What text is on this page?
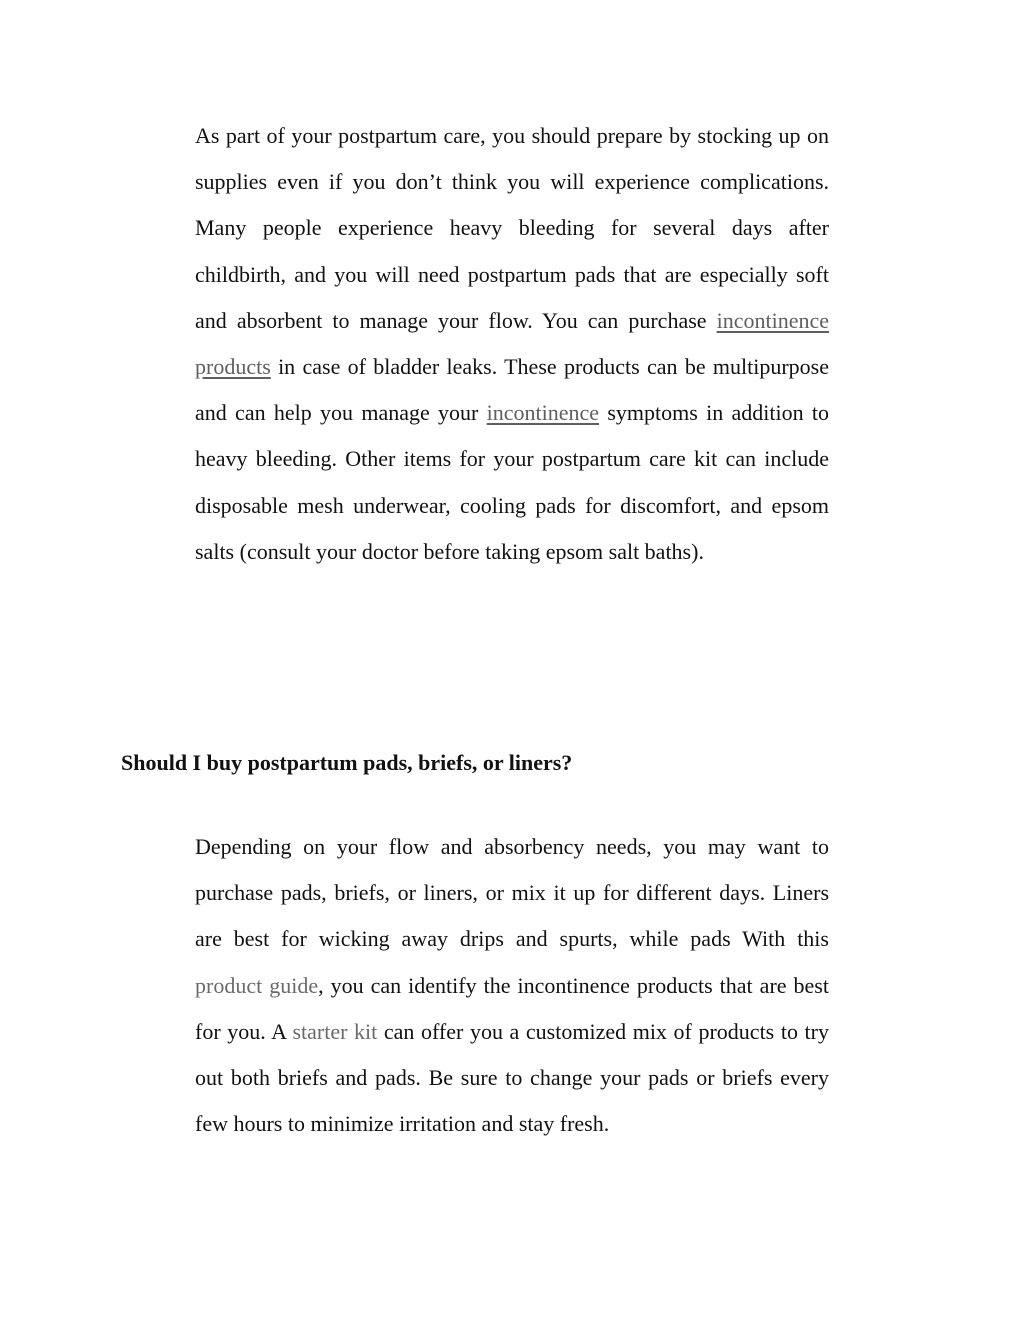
As part of your postpartum care, you should prepare by stocking up on supplies even if you don’t think you will experience complications. Many people experience heavy bleeding for several days after childbirth, and you will need postpartum pads that are especially soft and absorbent to manage your flow. You can purchase incontinence products in case of bladder leaks. These products can be multipurpose and can help you manage your incontinence symptoms in addition to heavy bleeding. Other items for your postpartum care kit can include disposable mesh underwear, cooling pads for discomfort, and epsom salts (consult your doctor before taking epsom salt baths).

Should I buy postpartum pads, briefs, or liners?

Depending on your flow and absorbency needs, you may want to purchase pads, briefs, or liners, or mix it up for different days. Liners are best for wicking away drips and spurts, while pads With this product guide, you can identify the incontinence products that are best for you. A starter kit can offer you a customized mix of products to try out both briefs and pads. Be sure to change your pads or briefs every few hours to minimize irritation and stay fresh.
